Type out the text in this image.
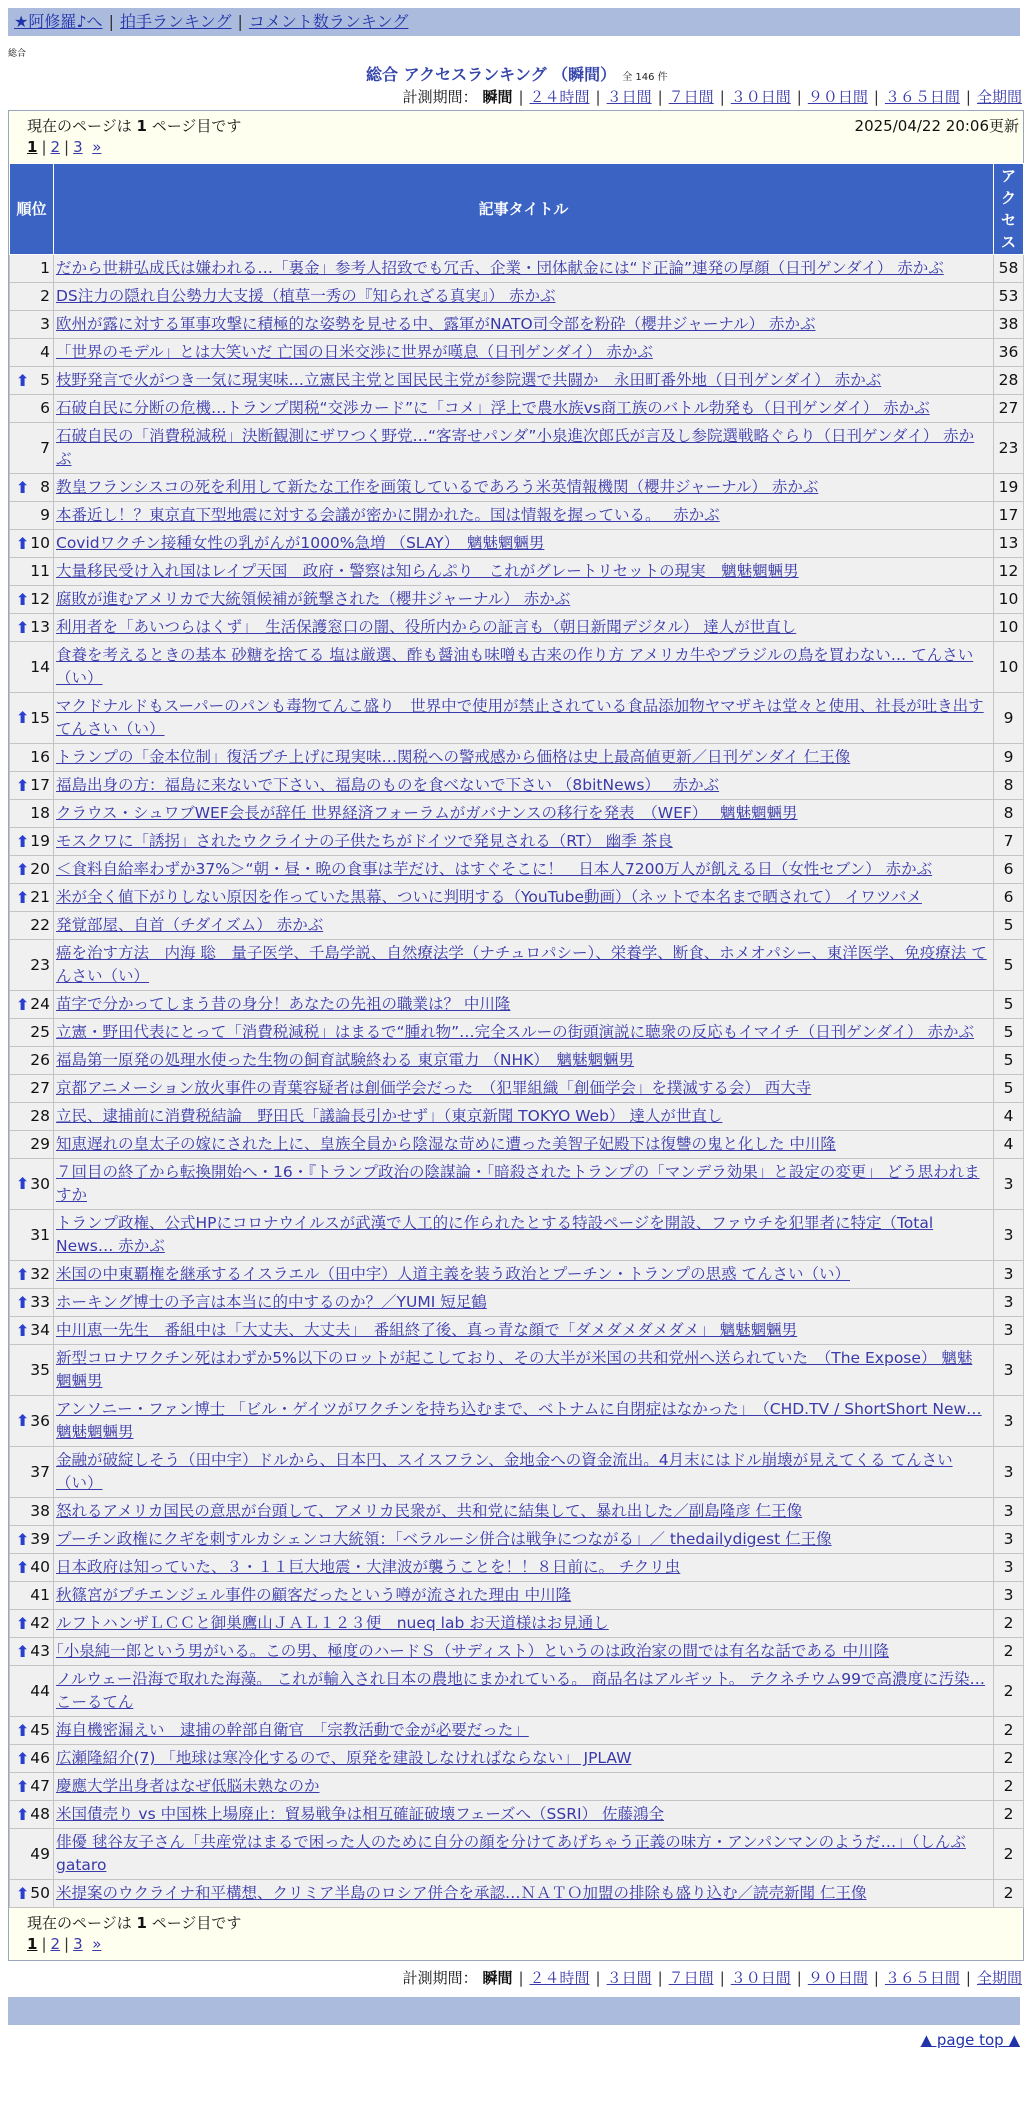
★阿修羅♪へ | 拍手ランキング | コメント数ランキング
総合
総合 アクセスランキング （瞬間） 全 146 件
計測期間： 瞬間 | ２４時間 | ３日間 | ７日間 | ３０日間 | ９０日間 | ３６５日間 | 全期間
現在のページは 1 ページ目です	2025/04/22 20:06更新
1 | 2 | 3 »
順位	記事タイトル	アクセス
1	だから世耕弘成氏は嫌われる…「裏金」参考人招致でも冗舌、企業・団体献金には“ド正論”連発の厚顔（日刊ゲンダイ） 赤かぶ	58
2	DS注力の隠れ自公勢力大支援（植草一秀の『知られざる真実』） 赤かぶ	53
3	欧州が露に対する軍事攻撃に積極的な姿勢を見せる中、露軍がNATO司令部を粉砕（櫻井ジャーナル） 赤かぶ	38
4	「世界のモデル」とは大笑いだ 亡国の日米交渉に世界が嘆息（日刊ゲンダイ） 赤かぶ	36

⬆ 5	枝野発言で火がつき一気に現実味…立憲民主党と国民民主党が参院選で共闘か　永田町番外地（日刊ゲンダイ） 赤かぶ	28
6	石破自民に分断の危機…トランプ関税“交渉カード”に「コメ」浮上で農水族vs商工族のバトル勃発も（日刊ゲンダイ） 赤かぶ	27
7	石破自民の「消費税減税」決断観測にザワつく野党…“客寄せパンダ”小泉進次郎氏が言及し参院選戦略ぐらり（日刊ゲンダイ） 赤かぶ	23

⬆ 8	教皇フランシスコの死を利用して新たな工作を画策しているであろう米英情報機関（櫻井ジャーナル） 赤かぶ	19
9	本番近し！？東京直下型地震に対する会議が密かに開かれた。国は情報を握っている。　 赤かぶ	17

⬆ 10	Covidワクチン接種女性の乳がんが1000%急増 （SLAY）　魑魅魍魎男	13
11	大量移民受け入れ国はレイプ天国　政府・警察は知らんぷり　これがグレートリセットの現実　魑魅魍魎男	12

⬆ 12	腐敗が進むアメリカで大統領候補が銃撃された（櫻井ジャーナル） 赤かぶ	10

⬆ 13	利用者を「あいつらはくず」　生活保護窓口の闇、役所内からの証言も（朝日新聞デジタル） 達人が世直し	10
14	食養を考えるときの基本 砂糖を捨てる 塩は厳選、酢も醤油も味噌も古来の作り方 アメリカ牛やブラジルの鳥を買わない… てんさい（い）	10

⬆ 15	マクドナルドもスーパーのパンも毒物てんこ盛り　世界中で使用が禁止されている食品添加物ヤマザキは堂々と使用、社長が吐き出す てんさい（い）	9
16	トランプの「金本位制」復活ブチ上げに現実味…関税への警戒感から価格は史上最高値更新／日刊ゲンダイ 仁王像	9

⬆ 17	福島出身の方：福島に来ないで下さい、福島のものを食べないで下さい （8bitNews）　 赤かぶ	8
18	クラウス・シュワブWEF会長が辞任 世界経済フォーラムがガバナンスの移行を発表　（WEF）　 魑魅魍魎男	8

⬆ 19	モスクワに「誘拐」されたウクライナの子供たちがドイツで発見される（RT） 幽季 茶良	7

⬆ 20	＜食料自給率わずか37%＞“朝・昼・晩の食事は芋だけ、はすぐそこに！　日本人7200万人が飢える日（女性セブン） 赤かぶ	6

⬆ 21	米が全く値下がりしない原因を作っていた黒幕、ついに判明する（YouTube動画）（ネットで本名まで晒されて） イワツバメ	6
22	発覚部屋、自首（チダイズム） 赤かぶ	5
23	癌を治す方法　内海 聡　量子医学、千島学説、自然療法学（ナチュロパシー）、栄養学、断食、ホメオパシー、東洋医学、免疫療法 てんさい（い）	5

⬆ 24	苗字で分かってしまう昔の身分！あなたの先祖の職業は？ 中川隆	5
25	立憲・野田代表にとって「消費税減税」はまるで“腫れ物”…完全スルーの街頭演説に聴衆の反応もイマイチ（日刊ゲンダイ） 赤かぶ	5
26	福島第一原発の処理水使った生物の飼育試験終わる 東京電力 （NHK）　魑魅魍魎男	5
27	京都アニメーション放火事件の青葉容疑者は創価学会だった　（犯罪組織「創価学会」を撲滅する会） 西大寺	5
28	立民、逮捕前に消費税結論　野田氏「議論長引かせず」（東京新聞 TOKYO Web） 達人が世直し	4
29	知恵遅れの皇太子の嫁にされた上に、皇族全員から陰湿な苛めに遭った美智子妃殿下は復讐の鬼と化した 中川隆	4

⬆ 30	７回目の終了から転換開始へ・16・『トランプ政治の陰謀論・「暗殺されたトランプの「マンデラ効果」と設定の変更」 どう思われますか	3
31	トランプ政権、公式HPにコロナウイルスが武漢で人工的に作られたとする特設ページを開設、ファウチを犯罪者に特定（Total News… 赤かぶ	3

⬆ 32	米国の中東覇権を継承するイスラエル（田中宇）人道主義を装う政治とプーチン・トランプの思惑 てんさい（い）	3

⬆ 33	ホーキング博士の予言は本当に的中するのか？／YUMI 短足鶴	3

⬆ 34	中川恵一先生　番組中は「大丈夫、大丈夫」　番組終了後、真っ青な顔で「ダメダメダメダメ」 魑魅魍魎男	3
35	新型コロナワクチン死はわずか5%以下のロットが起こしており、その大半が米国の共和党州へ送られていた　（The Expose） 魑魅魍魎男	3

⬆ 36	アンソニー・ファン博士 「ビル・ゲイツがワクチンを持ち込むまで、ベトナムに自閉症はなかった」　（CHD.TV / ShortShort New… 魑魅魍魎男	3
37	金融が破綻しそう（田中宇）ドルから、日本円、スイスフラン、金地金への資金流出。4月末にはドル崩壊が見えてくる てんさい（い）	3
38	怒れるアメリカ国民の意思が台頭して、アメリカ民衆が、共和党に結集して、暴れ出した／副島隆彦 仁王像	3

⬆ 39	プーチン政権にクギを刺すルカシェンコ大統領：「ベラルーシ併合は戦争につながる」／ thedailydigest 仁王像	3

⬆ 40	日本政府は知っていた、３・１１巨大地震・大津波が襲うことを！！８日前に。 チクリ虫	3
41	秋篠宮がプチエンジェル事件の顧客だったという噂が流された理由 中川隆	3

⬆ 42	ルフトハンザＬＣＣと御巣鷹山ＪＡＬ１２３便　nueq lab お天道様はお見通し	2

⬆ 43	｢小泉純一郎という男がいる。この男、極度のハードＳ（サディスト）というのは政治家の間では有名な話である 中川隆	2
44	ノルウェー沿海で取れた海藻。 これが輸入され日本の農地にまかれている。 商品名はアルギット。 テクネチウム99で高濃度に汚染… こーるてん	2

⬆ 45	海自機密漏えい　逮捕の幹部自衛官　「宗教活動で金が必要だった」	2

⬆ 46	広瀬隆紹介(7) 「地球は寒冷化するので、原発を建設しなければならない」 JPLAW	2

⬆ 47	慶應大学出身者はなぜ低脳未熟なのか	2

⬆ 48	米国債売り vs 中国株上場廃止：貿易戦争は相互確証破壊フェーズへ（SSRI） 佐藤鴻全	2
49	俳優 毬谷友子さん「共産党はまるで困った人のために自分の顔を分けてあげちゃう正義の味方・アンパンマンのようだ…」（しんぶ gataro	2

⬆ 50	米提案のウクライナ和平構想、クリミア半島のロシア併合を承認…ＮＡＴＯ加盟の排除も盛り込む／読売新聞 仁王像	2
現在のページは 1 ページ目です
1 | 2 | 3 »
計測期間： 瞬間 | ２４時間 | ３日間 | ７日間 | ３０日間 | ９０日間 | ３６５日間 | 全期間
▲ page top ▲
